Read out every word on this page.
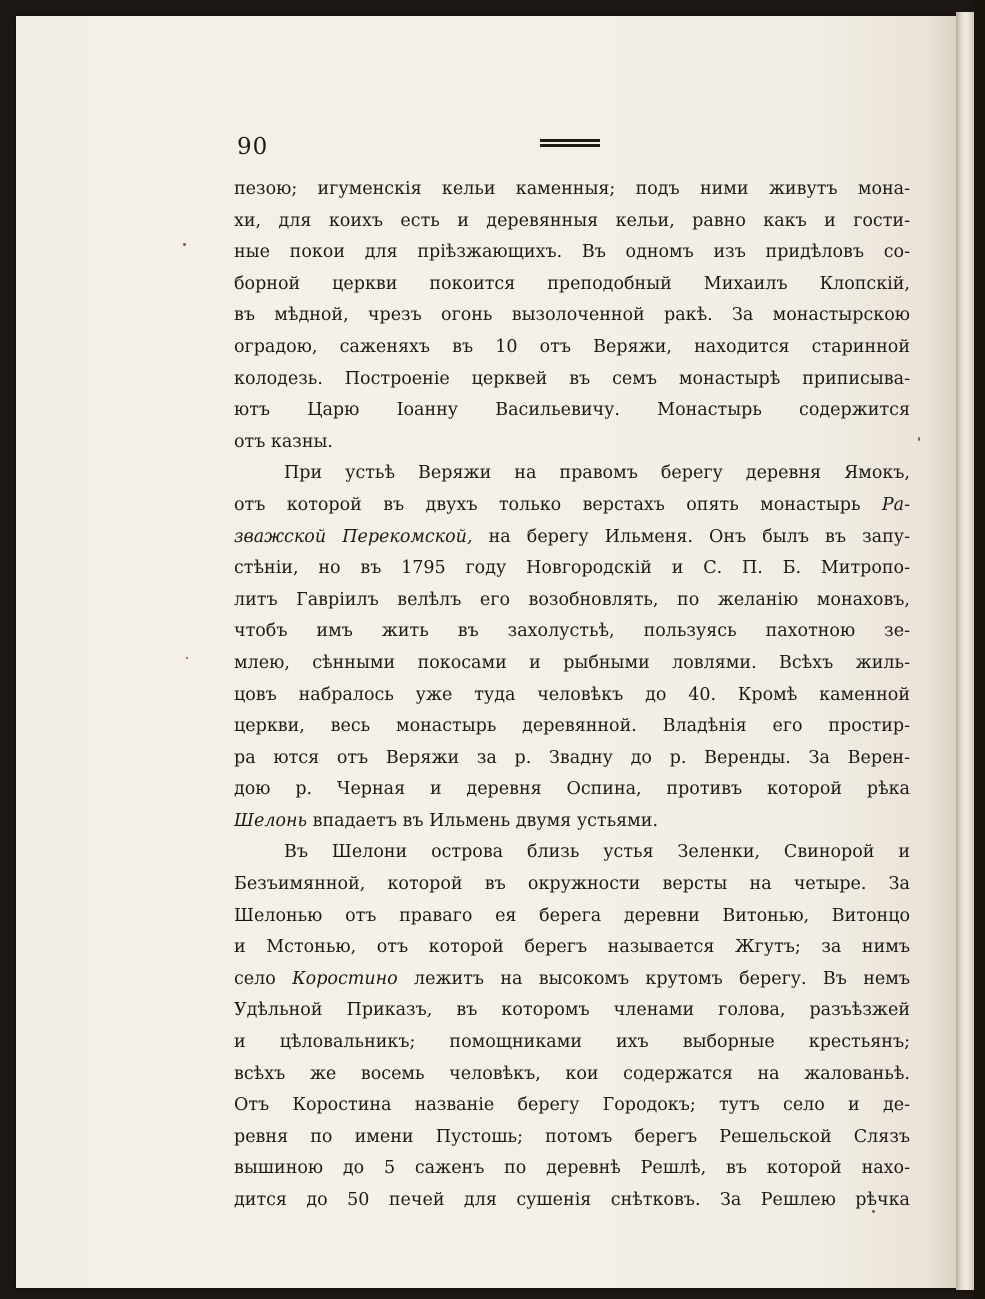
90
пезою; игуменскія кельи каменныя; подъ ними живутъ мона-
хи, для коихъ есть и деревянныя кельи, равно какъ и гости-
ные покои для пріѣзжающихъ. Въ одномъ изъ придѣловъ со-
борной церкви покоится преподобный Михаилъ Клопскій,
въ мѣдной, чрезъ огонь вызолоченной ракѣ. За монастырскою
оградою, саженяхъ въ 10 отъ Веряжи, находится старинной
колодезь. Построеніе церквей въ семъ монастырѣ приписыва-
ютъ Царю Іоанну Васильевичу. Монастырь содержится
отъ казны.
При устьѣ Веряжи на правомъ берегу деревня Ямокъ,
отъ которой въ двухъ только верстахъ опять монастырь Ра-
зважской Перекомской, на берегу Ильменя. Онъ былъ въ запу-
стѣніи, но въ 1795 году Новгородскій и С. П. Б. Митропо-
литъ Гавріилъ велѣлъ его возобновлять, по желанію монаховъ,
чтобъ имъ жить въ захолустьѣ, пользуясь пахотною зе-
млею, сѣнными покосами и рыбными ловлями. Всѣхъ жиль-
цовъ набралось уже туда человѣкъ до 40. Кромѣ каменной
церкви, весь монастырь деревянной. Владѣнія его простир-
ра ются отъ Веряжи за р. Звадну до р. Веренды. За Верен-
дою р. Черная и деревня Оспина, противъ которой рѣка
Шелонь впадаетъ въ Ильмень двумя устьями.
Въ Шелони острова близь устья Зеленки, Свинорой и
Безъимянной, которой въ окружности версты на четыре. За
Шелонью отъ праваго ея берега деревни Витонью, Витонцо
и Мстонью, отъ которой берегъ называется Жгутъ; за нимъ
село Коростино лежитъ на высокомъ крутомъ берегу. Въ немъ
Удѣльной Приказъ, въ которомъ членами голова, разъѣзжей
и цѣловальникъ; помощниками ихъ выборные крестьянъ;
всѣхъ же восемь человѣкъ, кои содержатся на жалованьѣ.
Отъ Коростина названіе берегу Городокъ; тутъ село и де-
ревня по имени Пустошь; потомъ берегъ Решельской Слязъ
вышиною до 5 саженъ по деревнѣ Решлѣ, въ которой нахо-
дится до 50 печей для сушенія снѣтковъ. За Решлею рѣчка
